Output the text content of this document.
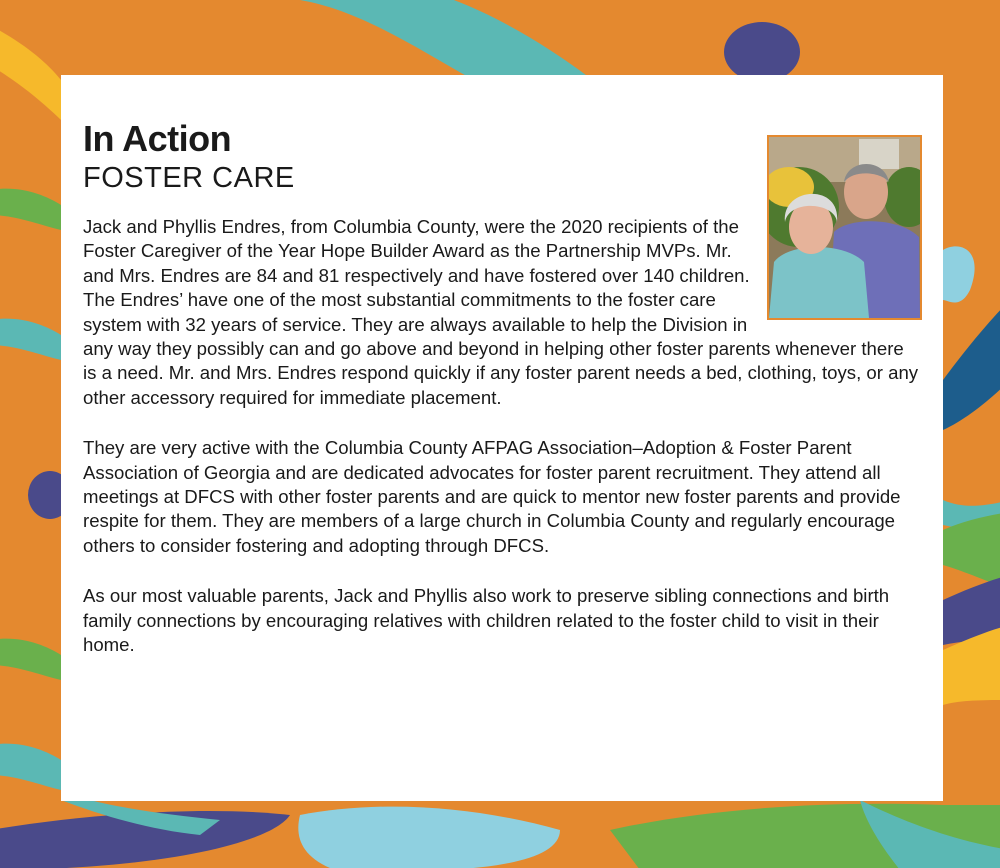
In Action
FOSTER CARE

Jack and Phyllis Endres, from Columbia County, were the 2020 recipients of the Foster Caregiver of the Year Hope Builder Award as the Partnership MVPs. Mr. and Mrs. Endres are 84 and 81 respectively and have fostered over 140 children. The Endres’ have one of the most substantial commitments to the foster care system with 32 years of service. They are always available to help the Division in any way they possibly can and go above and beyond in helping other foster parents whenever there is a need. Mr. and Mrs. Endres respond quickly if any foster parent needs a bed, clothing, toys, or any other accessory required for immediate placement.

They are very active with the Columbia County AFPAG Association–Adoption & Foster Parent Association of Georgia and are dedicated advocates for foster parent recruitment. They attend all meetings at DFCS with other foster parents and are quick to mentor new foster parents and provide respite for them. They are members of a large church in Columbia County and regularly encourage others to consider fostering and adopting through DFCS.

As our most valuable parents, Jack and Phyllis also work to preserve sibling connections and birth family connections by encouraging relatives with children related to the foster child to visit in their home.
